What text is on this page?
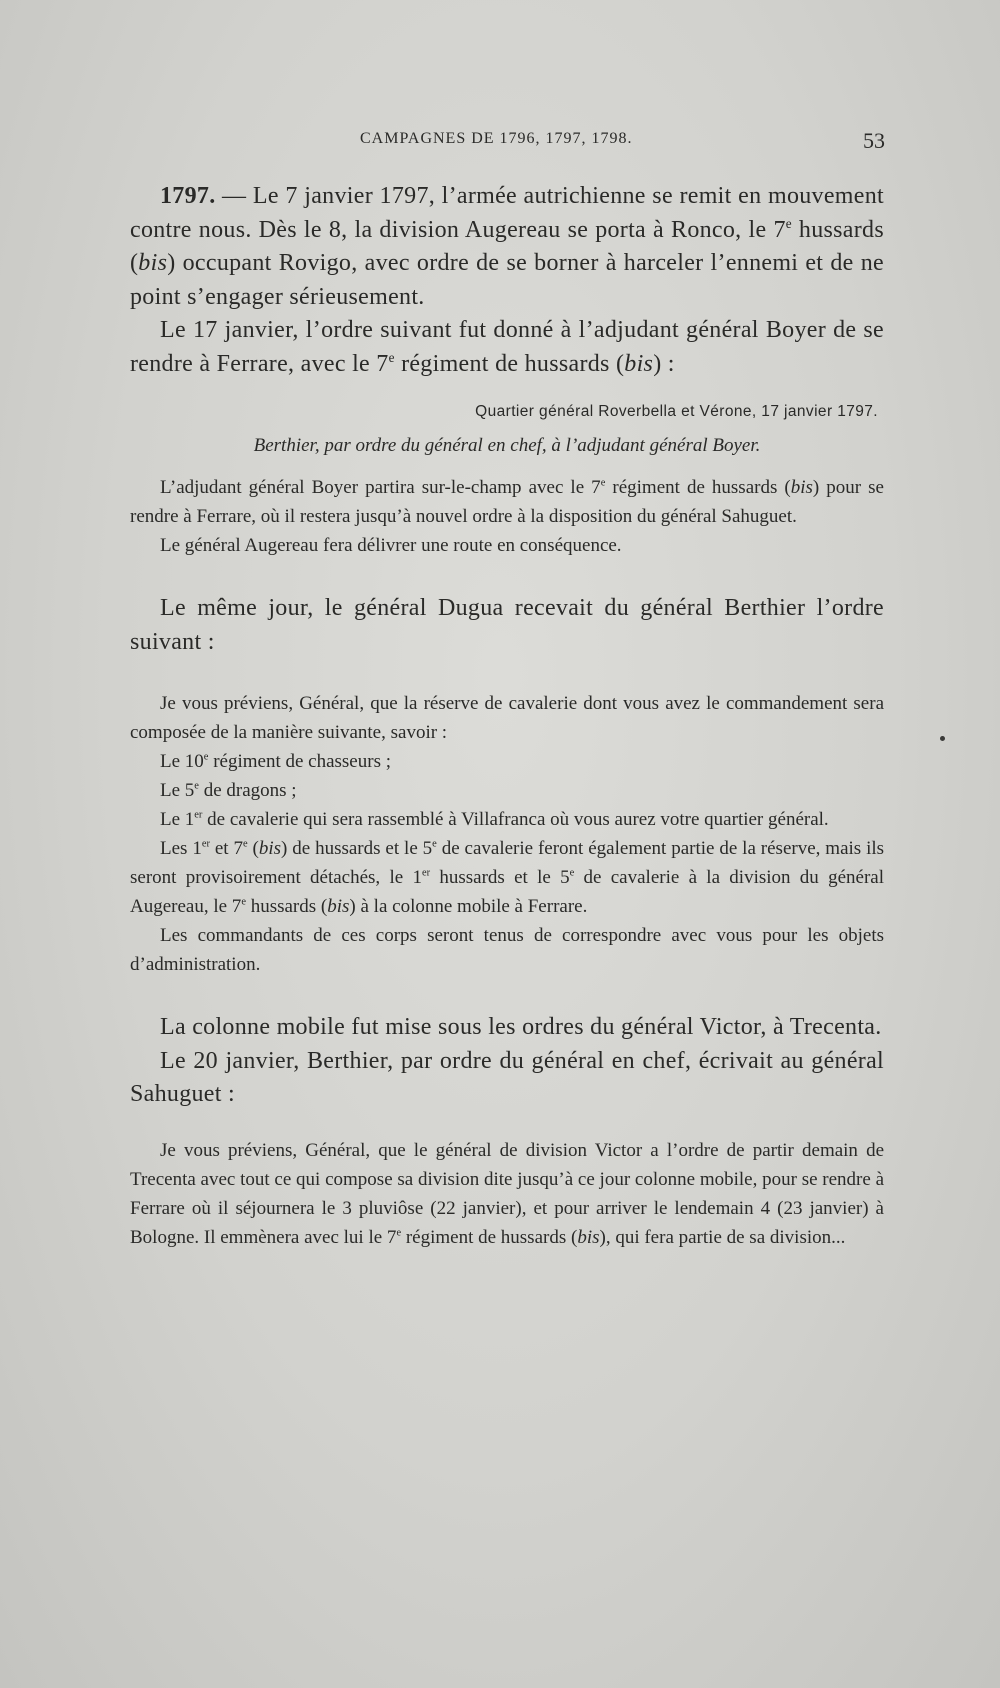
CAMPAGNES DE 1796, 1797, 1798.	53

1797. — Le 7 janvier 1797, l’armée autrichienne se remit en mouvement contre nous. Dès le 8, la division Augereau se porta à Ronco, le 7e hussards (bis) occupant Rovigo, avec ordre de se borner à harceler l’ennemi et de ne point s’engager sérieusement.

Le 17 janvier, l’ordre suivant fut donné à l’adjudant général Boyer de se rendre à Ferrare, avec le 7e régiment de hussards (bis) :

Quartier général Roverbella et Vérone, 17 janvier 1797.
Berthier, par ordre du général en chef, à l’adjudant général Boyer.

L’adjudant général Boyer partira sur-le-champ avec le 7e régiment de hussards (bis) pour se rendre à Ferrare, où il restera jusqu’à nouvel ordre à la disposition du général Sahuguet.

Le général Augereau fera délivrer une route en conséquence.

Le même jour, le général Dugua recevait du général Berthier l’ordre suivant :

Je vous préviens, Général, que la réserve de cavalerie dont vous avez le commandement sera composée de la manière suivante, savoir :

Le 10e régiment de chasseurs ;

Le 5e de dragons ;

Le 1er de cavalerie qui sera rassemblé à Villafranca où vous aurez votre quartier général.

Les 1er et 7e (bis) de hussards et le 5e de cavalerie feront également partie de la réserve, mais ils seront provisoirement détachés, le 1er hussards et le 5e de cavalerie à la division du général Augereau, le 7e hussards (bis) à la colonne mobile à Ferrare.

Les commandants de ces corps seront tenus de correspondre avec vous pour les objets d’administration.

La colonne mobile fut mise sous les ordres du général Victor, à Trecenta.

Le 20 janvier, Berthier, par ordre du général en chef, écrivait au général Sahuguet :

Je vous préviens, Général, que le général de division Victor a l’ordre de partir demain de Trecenta avec tout ce qui compose sa division dite jusqu’à ce jour colonne mobile, pour se rendre à Ferrare où il séjournera le 3 pluviôse (22 janvier), et pour arriver le lendemain 4 (23 janvier) à Bologne. Il emmènera avec lui le 7e régiment de hussards (bis), qui fera partie de sa division...
